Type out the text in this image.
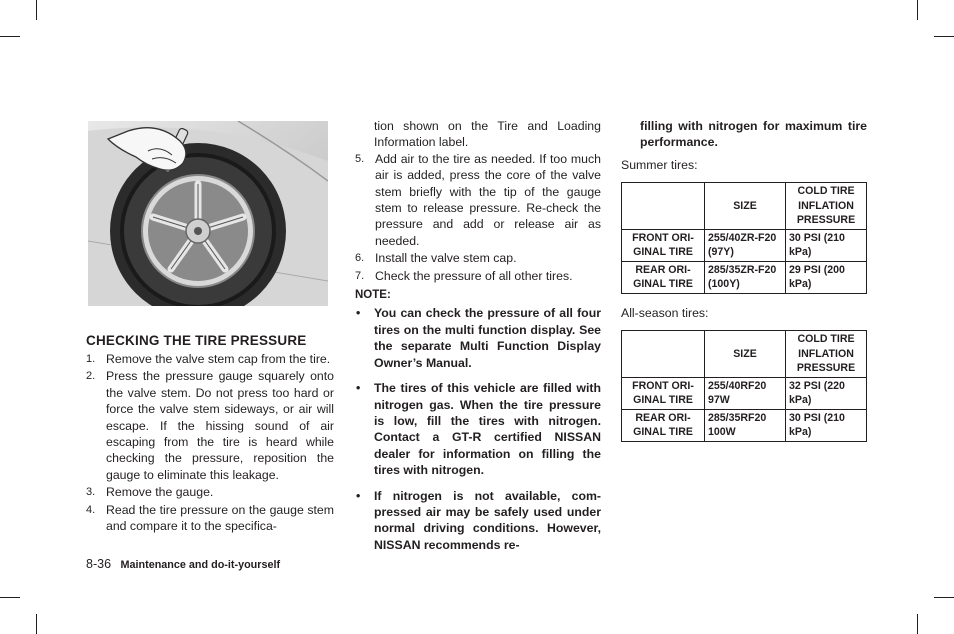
CHECKING THE TIRE PRESSURE
1. Remove the valve stem cap from the tire.
2. Press the pressure gauge squarely onto the valve stem. Do not press too hard or force the valve stem sideways, or air will escape. If the hissing sound of air escaping from the tire is heard while checking the pressure, reposition the gauge to eliminate this leakage.
3. Remove the gauge.
4. Read the tire pressure on the gauge stem and compare it to the specifica-
tion shown on the Tire and Loading Information label.
5. Add air to the tire as needed. If too much air is added, press the core of the valve stem briefly with the tip of the gauge stem to release pressure. Re-check the pressure and add or release air as needed.
6. Install the valve stem cap.
7. Check the pressure of all other tires.
NOTE:
• You can check the pressure of all four tires on the multi function display. See the separate Multi Function Display Owner’s Manual.
• The tires of this vehicle are filled with nitrogen gas. When the tire pressure is low, fill the tires with nitrogen. Contact a GT-R certified NISSAN dealer for information on filling the tires with nitrogen.
• If nitrogen is not available, com-pressed air may be safely used under normal driving conditions. However, NISSAN recommends re-
filling with nitrogen for maximum tire performance.
Summer tires:
	SIZE	COLD TIRE INFLATION PRESSURE
FRONT ORI-GINAL TIRE	255/40ZR-F20 (97Y)	30 PSI (210 kPa)
REAR ORI-GINAL TIRE	285/35ZR-F20 (100Y)	29 PSI (200 kPa)
All-season tires:
	SIZE	COLD TIRE INFLATION PRESSURE
FRONT ORI-GINAL TIRE	255/40RF20 97W	32 PSI (220 kPa)
REAR ORI-GINAL TIRE	285/35RF20 100W	30 PSI (210 kPa)
8-36 Maintenance and do-it-yourself
